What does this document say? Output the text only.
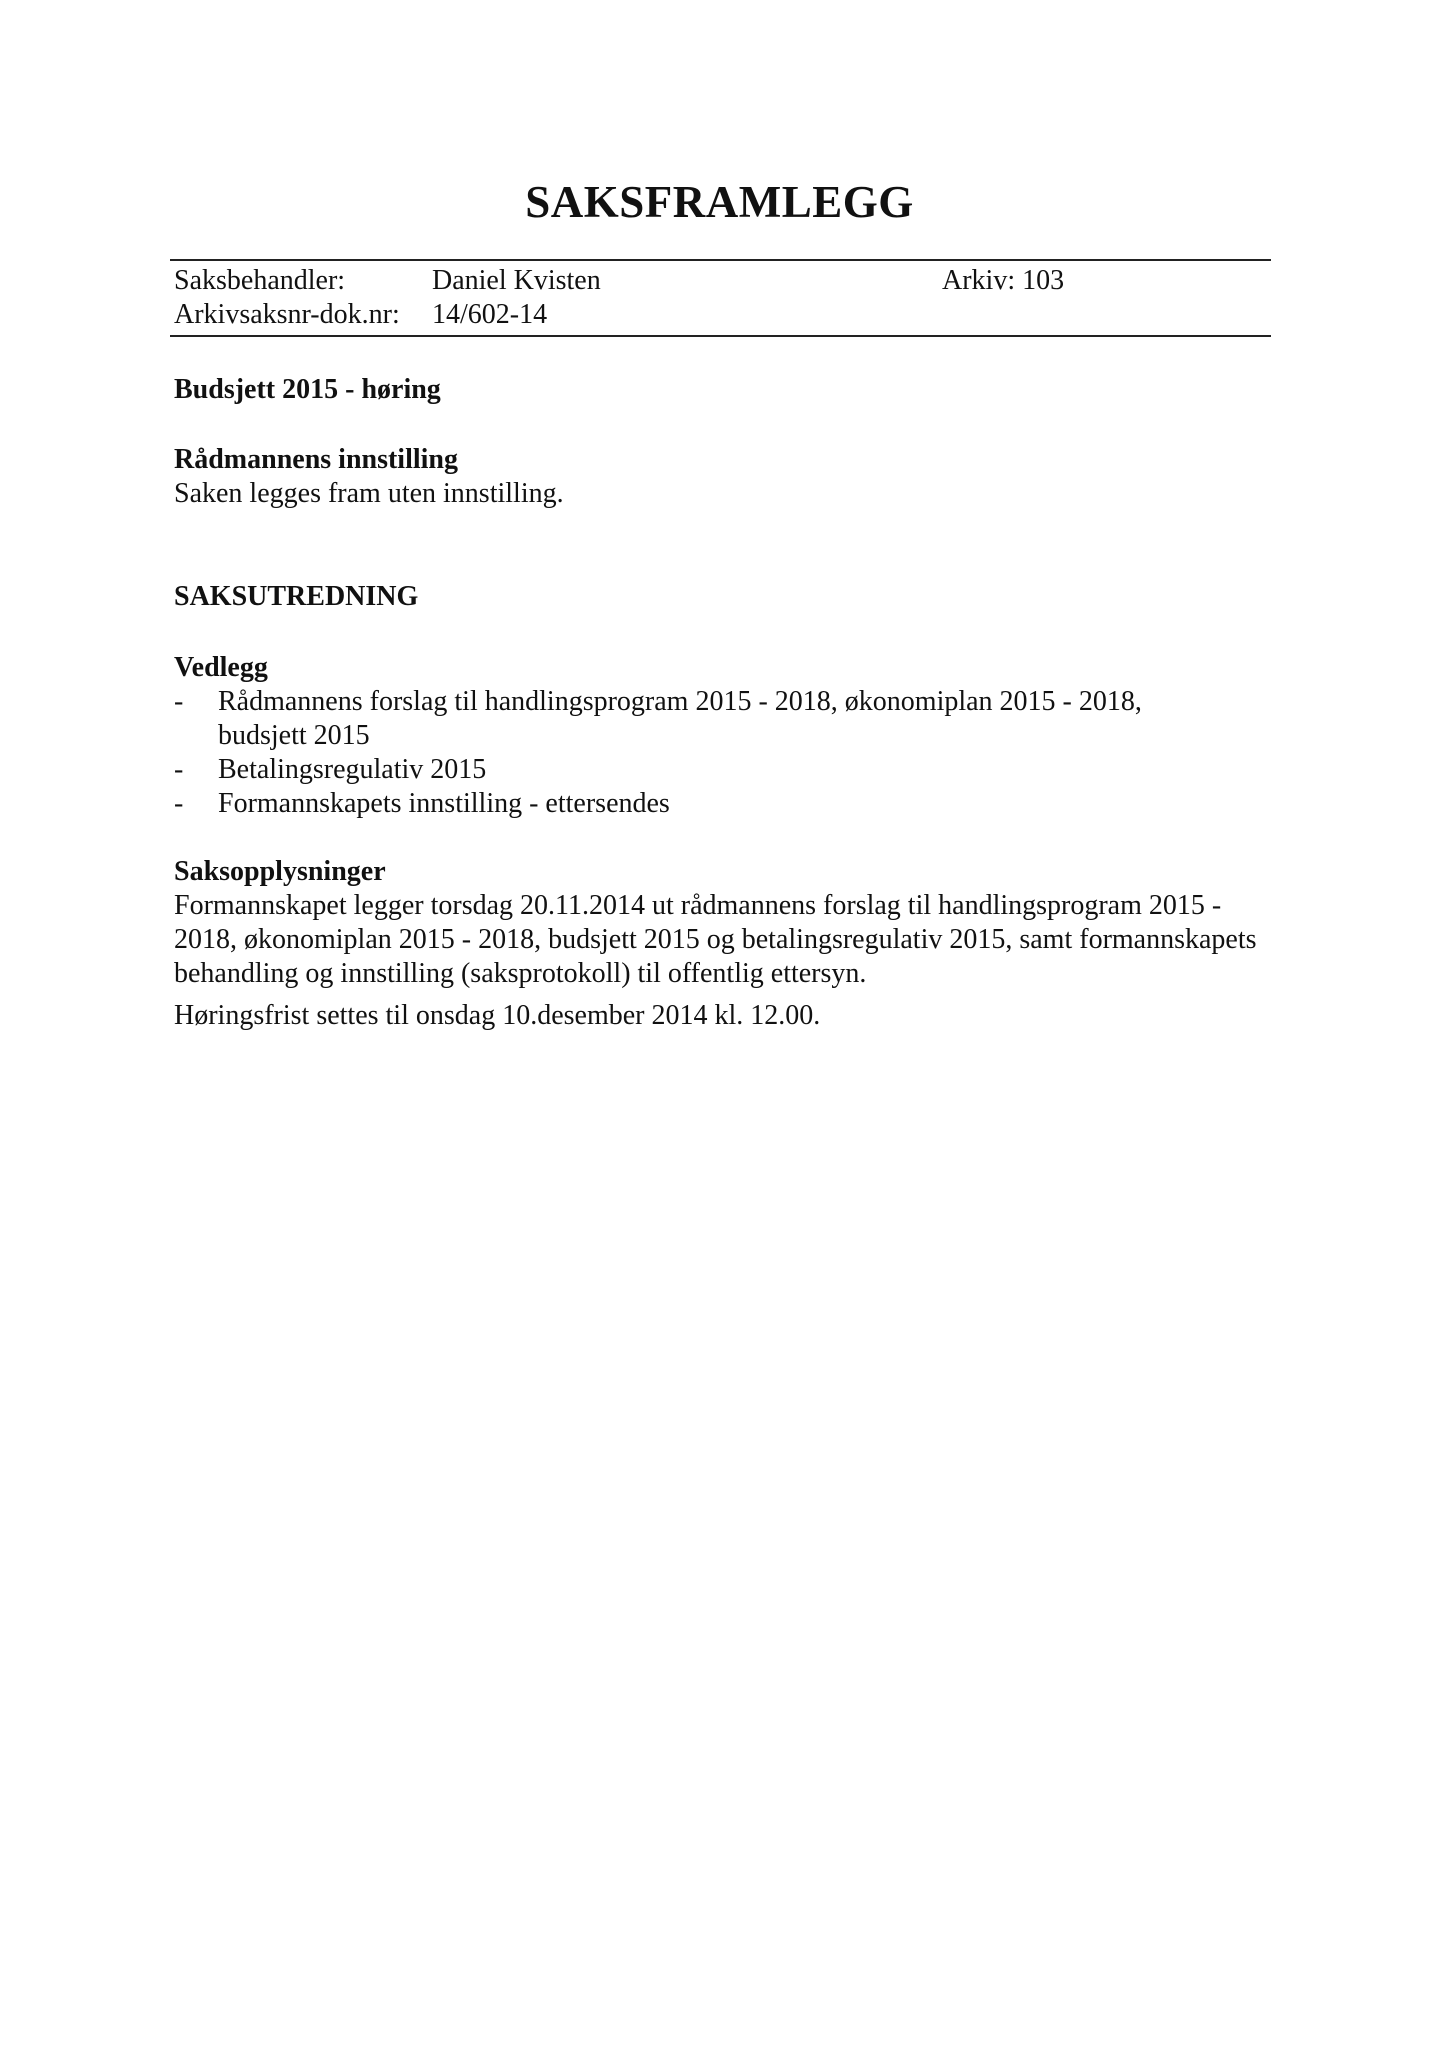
SAKSFRAMLEGG
Saksbehandler:	Daniel Kvisten	Arkiv: 103
Arkivsaksnr-dok.nr: 14/602-14
Budsjett 2015 - høring
Rådmannens innstilling
Saken legges fram uten innstilling.
SAKSUTREDNING
Vedlegg
- Rådmannens forslag til handlingsprogram 2015 - 2018, økonomiplan 2015 - 2018, budsjett 2015
- Betalingsregulativ 2015
- Formannskapets innstilling - ettersendes
Saksopplysninger
Formannskapet legger torsdag 20.11.2014 ut rådmannens forslag til handlingsprogram 2015 - 2018, økonomiplan 2015 - 2018, budsjett 2015 og betalingsregulativ 2015, samt formannskapets behandling og innstilling (saksprotokoll) til offentlig ettersyn.
Høringsfrist settes til onsdag 10.desember 2014 kl. 12.00.
